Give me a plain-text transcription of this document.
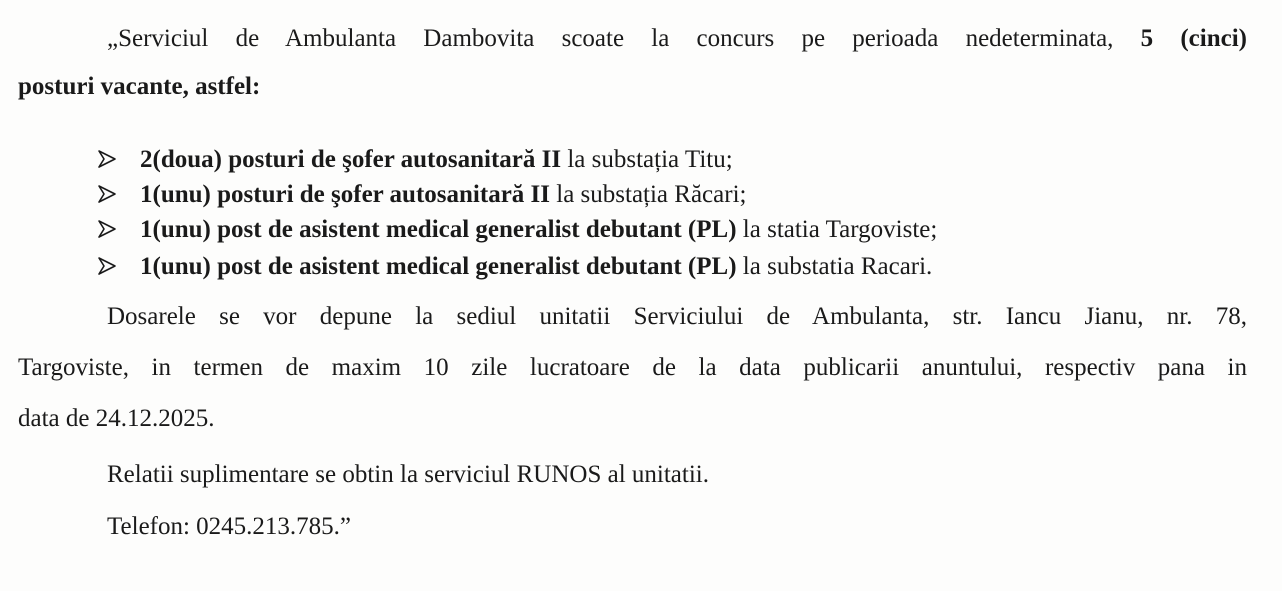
„Serviciul de Ambulanta Dambovita scoate la concurs pe perioada nedeterminata, 5 (cinci)
posturi vacante, astfel:
2(doua) posturi de şofer autosanitară II la substația Titu;
1(unu) posturi de şofer autosanitară II la substația Răcari;
1(unu) post de asistent medical generalist debutant (PL) la statia Targoviste;
1(unu) post de asistent medical generalist debutant (PL) la substatia Racari.
Dosarele se vor depune la sediul unitatii Serviciului de Ambulanta, str. Iancu Jianu, nr. 78,
Targoviste, in termen de maxim 10 zile lucratoare de la data publicarii anuntului, respectiv pana in
data de 24.12.2025.
Relatii suplimentare se obtin la serviciul RUNOS al unitatii.
Telefon: 0245.213.785.”
